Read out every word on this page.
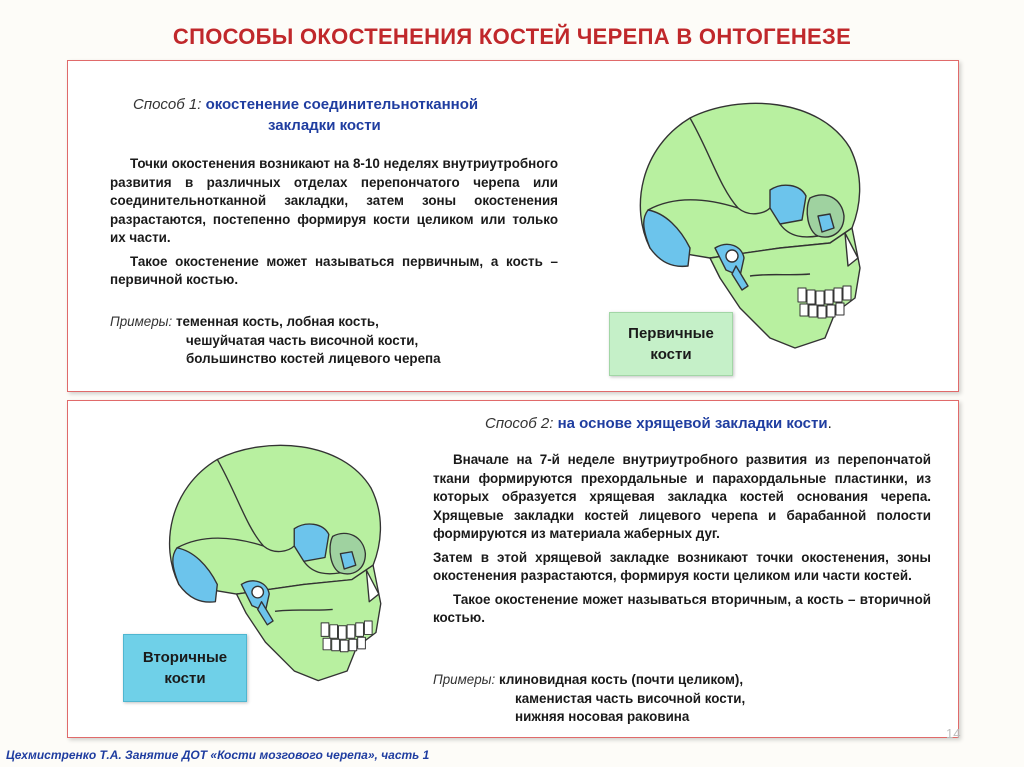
СПОСОБЫ ОКОСТЕНЕНИЯ КОСТЕЙ ЧЕРЕПА В ОНТОГЕНЕЗЕ
Способ 1: окостенение соединительнотканной
закладки кости

Точки окостенения возникают на 8-10 неделях внутриутробного развития в различных отделах перепончатого черепа или соединительнотканной закладки, затем зоны окостенения разрастаются, постепенно формируя кости целиком или только их части.

Такое окостенение может называться первичным, а кость – первичной костью.

Примеры: теменная кость, лобная кость,
чешуйчатая часть височной кости,
большинство костей лицевого черепа
Первичные
кости
Способ 2: на основе хрящевой закладки кости.

Вначале на 7-й неделе внутриутробного развития из перепончатой ткани формируются прехордальные и парахордальные пластинки, из которых образуется хрящевая закладка костей основания черепа. Хрящевые закладки костей лицевого черепа и барабанной полости формируются из материала жаберных дуг.

Затем в этой хрящевой закладке возникают точки окостенения, зоны окостенения разрастаются, формируя кости целиком или части костей.

Такое окостенение может называться вторичным, а кость – вторичной костью.

Примеры: клиновидная кость (почти целиком),
каменистая часть височной кости,
нижняя носовая раковина
Вторичные
кости
14
Цехмистренко Т.А. Занятие ДОТ «Кости мозгового черепа», часть 1
